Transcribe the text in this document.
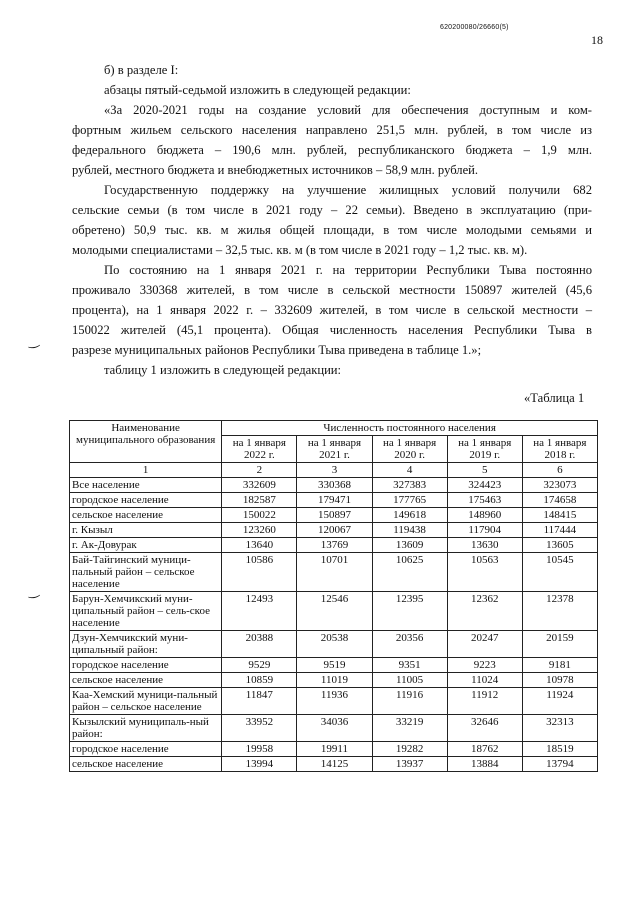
620200080/26660(5)
18
б) в разделе I:
абзацы пятый-седьмой изложить в следующей редакции:
«За 2020-2021 годы на создание условий для обеспечения доступным и ком-
фортным жильем сельского населения направлено 251,5 млн. рублей, в том числе из
федерального бюджета – 190,6 млн. рублей, республиканского бюджета – 1,9 млн.
рублей, местного бюджета и внебюджетных источников – 58,9 млн. рублей.
Государственную поддержку на улучшение жилищных условий получили 682
сельские семьи (в том числе в 2021 году – 22 семьи). Введено в эксплуатацию (при-
обретено) 50,9 тыс. кв. м жилья общей площади, в том числе молодыми семьями и
молодыми специалистами – 32,5 тыс. кв. м (в том числе в 2021 году – 1,2 тыс. кв. м).
По состоянию на 1 января 2021 г. на территории Республики Тыва постоянно
проживало 330368 жителей, в том числе в сельской местности 150897 жителей (45,6
процента), на 1 января 2022 г. – 332609 жителей, в том числе в сельской местности –
150022 жителей (45,1 процента). Общая численность населения Республики Тыва в
разрезе муниципальных районов Республики Тыва приведена в таблице 1.»;
таблицу 1 изложить в следующей редакции:
‿
‿
«Таблица 1
Наименование муниципального образования	Численность постоянного населения				
	на 1 января 2022 г.	на 1 января 2021 г.	на 1 января 2020 г.	на 1 января 2019 г.	на 1 января 2018 г.
1	2	3	4	5	6
Все население	332609	330368	327383	324423	323073
городское население	182587	179471	177765	175463	174658
сельское население	150022	150897	149618	148960	148415
г. Кызыл	123260	120067	119438	117904	117444
г. Ак-Довурак	13640	13769	13609	13630	13605
Бай-Тайгинский муници-пальный район – сельское население	10586	10701	10625	10563	10545
Барун-Хемчикский муни-ципальный район – сель-ское население	12493	12546	12395	12362	12378
Дзун-Хемчикский муни-ципальный район:	20388	20538	20356	20247	20159
городское население	9529	9519	9351	9223	9181
сельское население	10859	11019	11005	11024	10978
Каа-Хемский муници-пальный район – сельское население	11847	11936	11916	11912	11924
Кызылский муниципаль-ный район:	33952	34036	33219	32646	32313
городское население	19958	19911	19282	18762	18519
сельское население	13994	14125	13937	13884	13794
